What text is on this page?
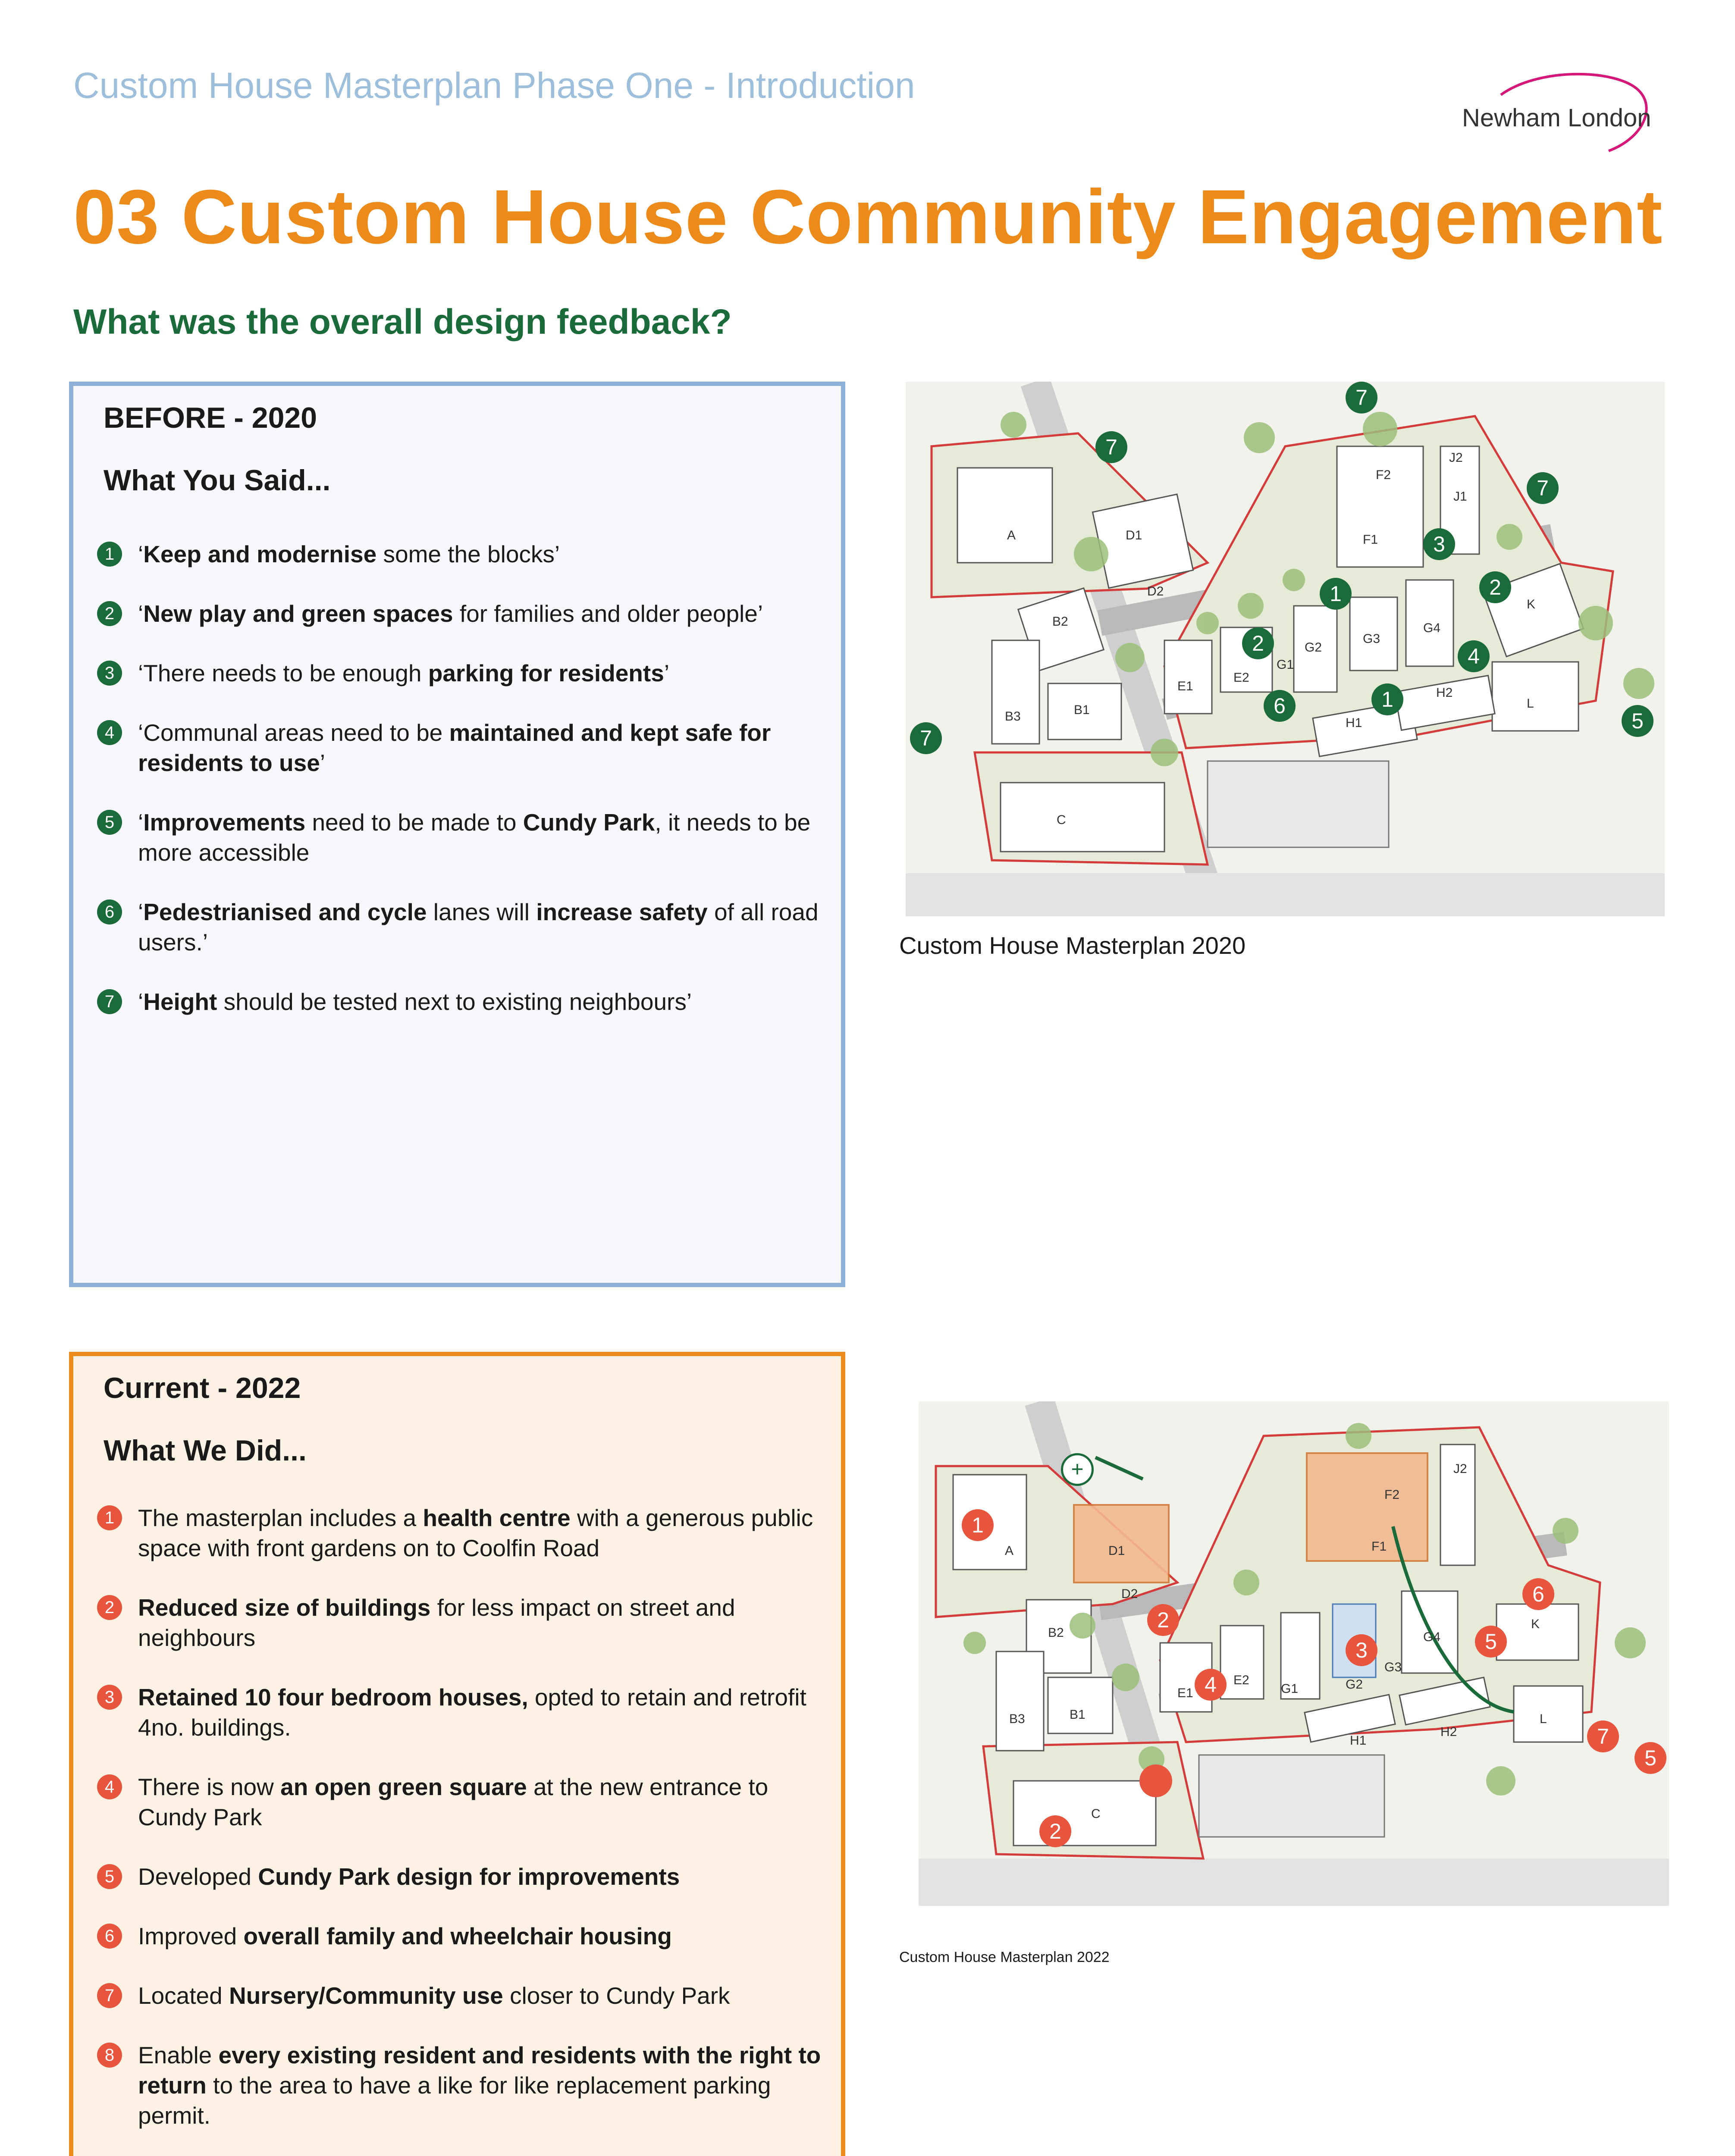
Custom House Masterplan Phase One - Introduction
Newham London
03 Custom House Community Engagement
What was the overall design feedback?
BEFORE - 2020
What You Said...
1 ‘Keep and modernise some the blocks’
2 ‘New play and green spaces for families and older people’
3 ‘There needs to be enough parking for residents’
4 ‘Communal areas need to be maintained and kept safe for residents to use’
5 ‘Improvements need to be made to Cundy Park, it needs to be more accessible
6 ‘Pedestrianised and cycle lanes will increase safety of all road users.’
7 ‘Height should be tested next to existing neighbours’
A	D1
D2
B2
B3	B1
C
E1
E2
G1
G2
G3
G4
F1
F2
J1
J2
K
L
H1
H2
7
7
7
7
3
1
1
2
2
4
6
5
Custom House Masterplan 2020
Current - 2022
What We Did...
1 The masterplan includes a health centre with a generous public space with front gardens on to Coolfin Road
2 Reduced size of buildings for less impact on street and neighbours
3 Retained 10 four bedroom houses, opted to retain and retrofit 4no. buildings.
4 There is now an open green square at the new entrance to Cundy Park
5 Developed Cundy Park design for improvements
6 Improved overall family and wheelchair housing
7 Located Nursery/Community use closer to Cundy Park
8 Enable every existing resident and residents with the right to return to the area to have a like for like replacement parking permit.
A	D1
D2
B2
B3	B1
C
E1
E2
G1	G2
G3
G4
F1
F2
J2
K
L
H1
H2
+
1
2
2
3
4
5
5
6
7
Custom House Masterplan 2022
